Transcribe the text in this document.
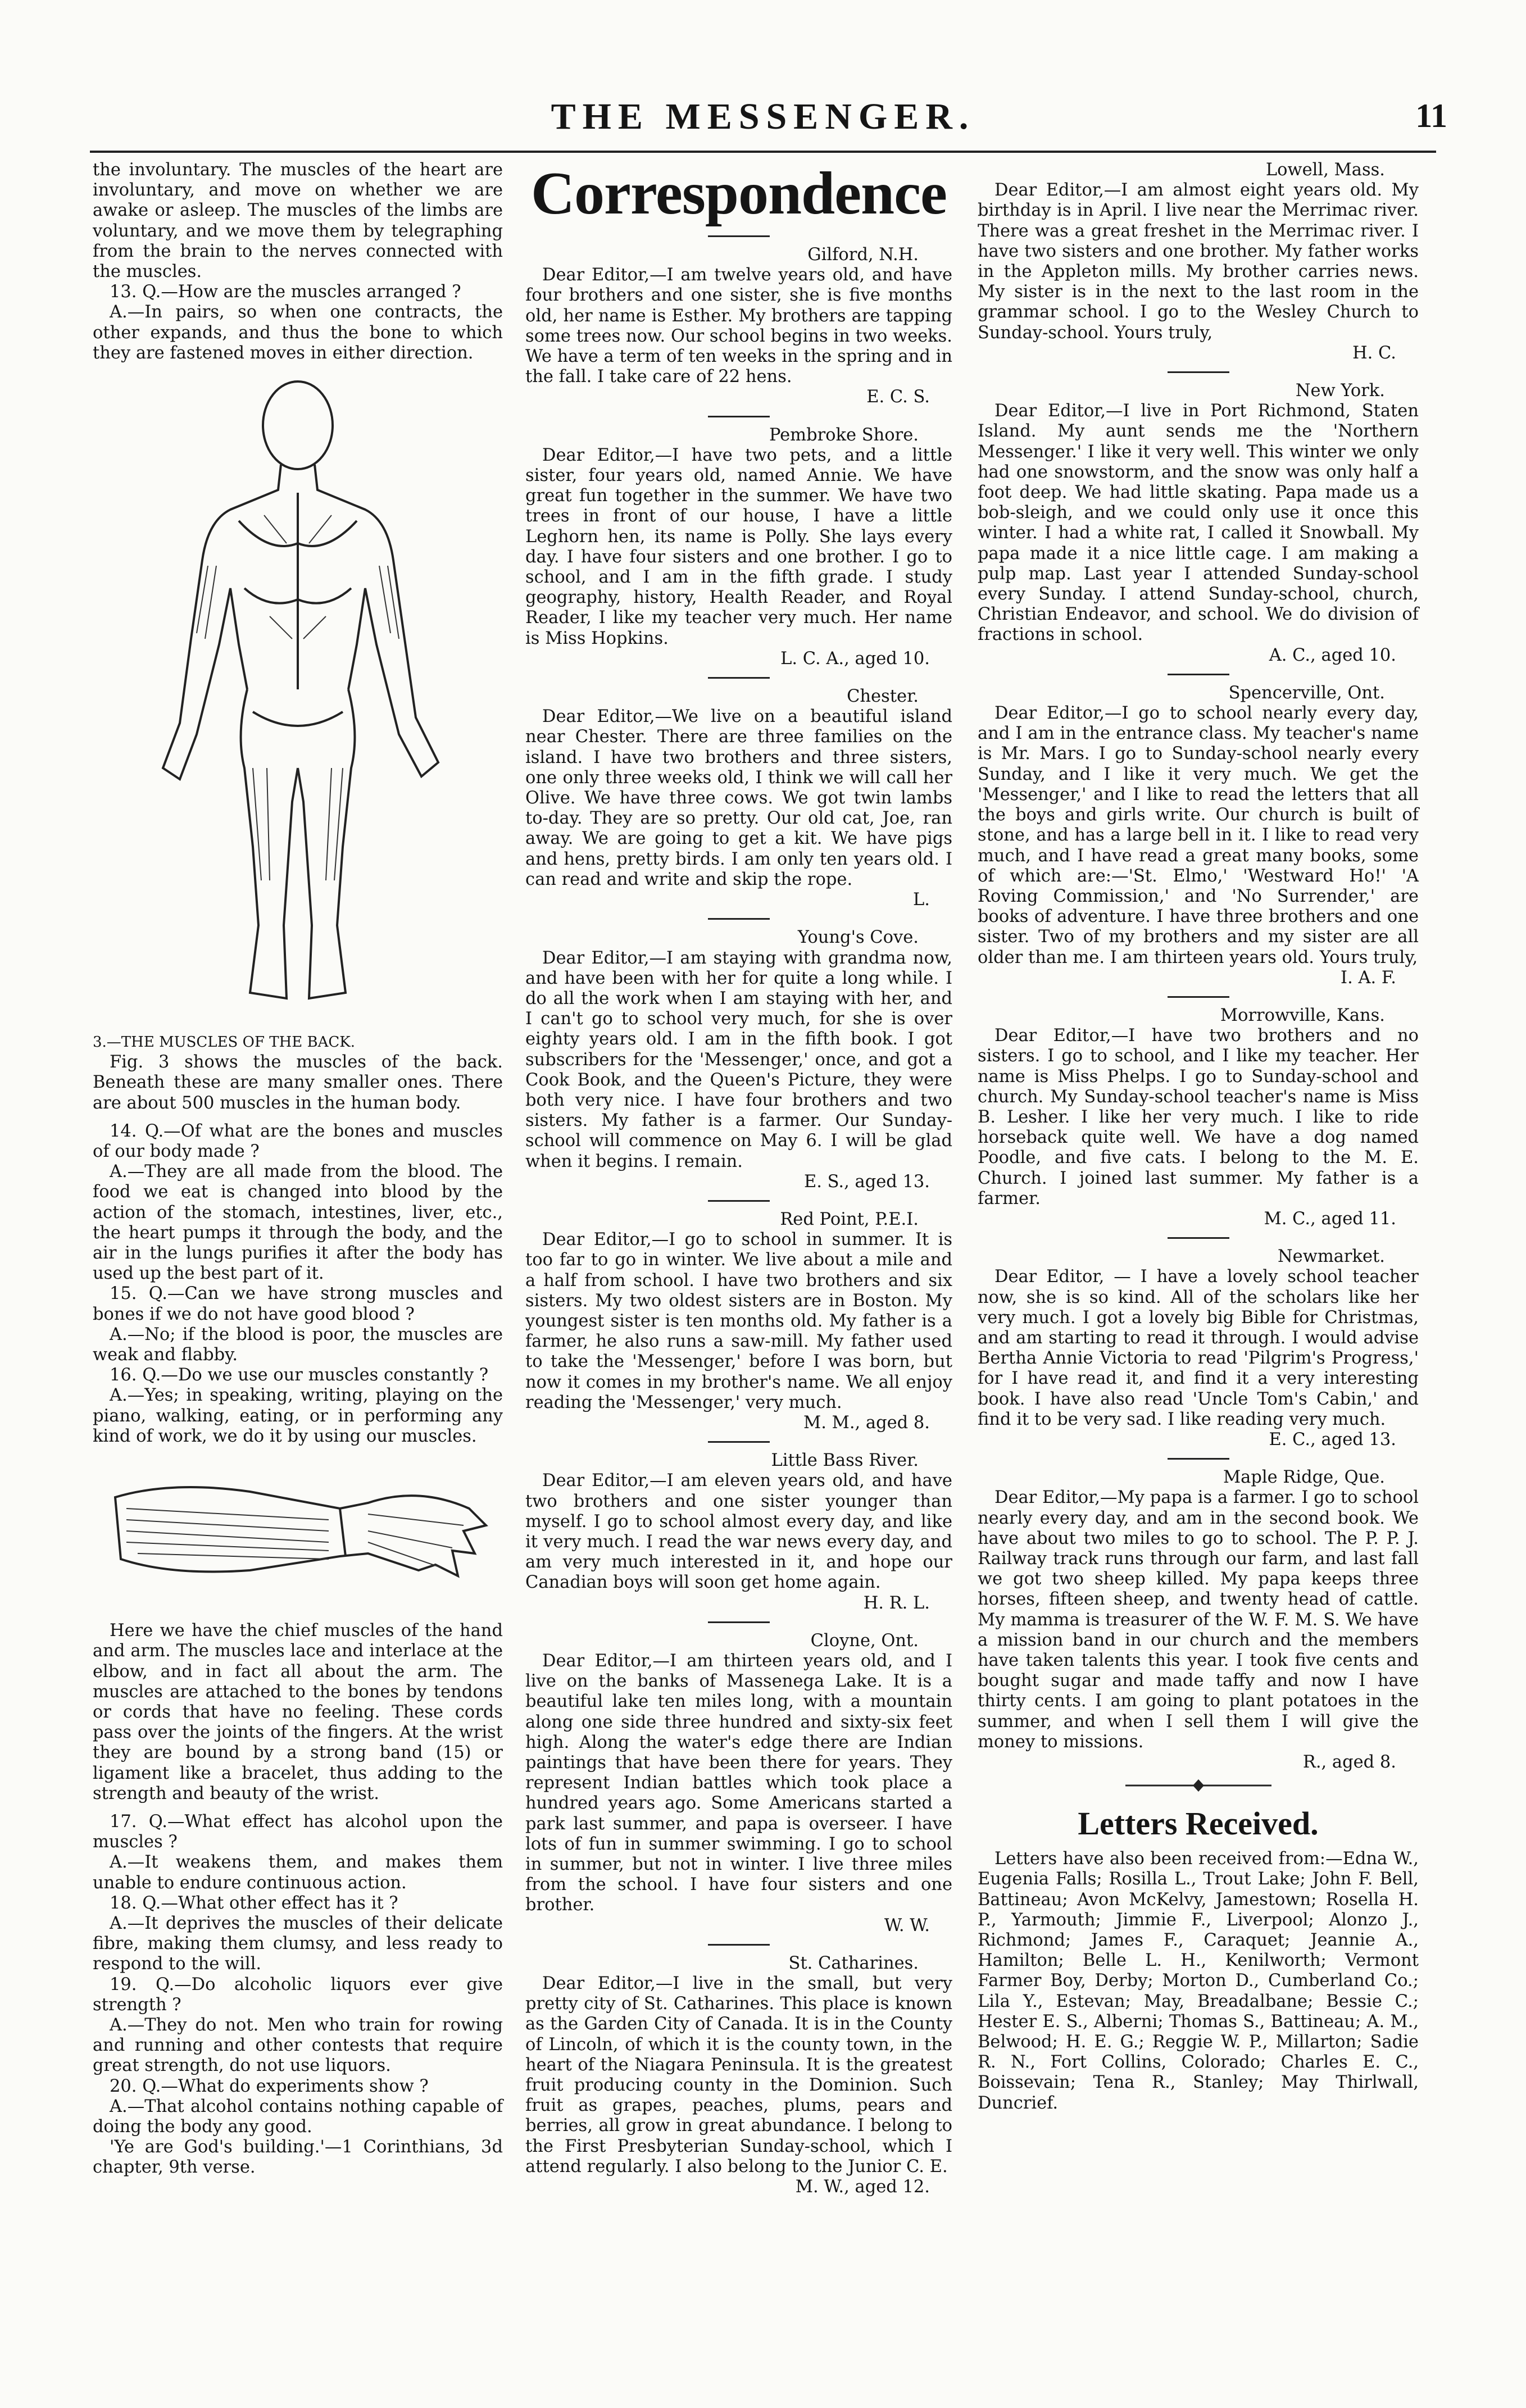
THE MESSENGER.	11

the involuntary. The muscles of the heart are involuntary, and move on whether we are awake or asleep. The muscles of the limbs are voluntary, and we move them by telegraphing from the brain to the nerves connected with the muscles.

13. Q.—How are the muscles arranged ?

A.—In pairs, so when one contracts, the other expands, and thus the bone to which they are fastened moves in either direction.

3.—THE MUSCLES OF THE BACK.

Fig. 3 shows the muscles of the back. Beneath these are many smaller ones. There are about 500 muscles in the human body.

14. Q.—Of what are the bones and muscles of our body made ?

A.—They are all made from the blood. The food we eat is changed into blood by the action of the stomach, intestines, liver, etc., the heart pumps it through the body, and the air in the lungs purifies it after the body has used up the best part of it.

15. Q.—Can we have strong muscles and bones if we do not have good blood ?

A.—No; if the blood is poor, the muscles are weak and flabby.

16. Q.—Do we use our muscles constantly ?

A.—Yes; in speaking, writing, playing on the piano, walking, eating, or in performing any kind of work, we do it by using our muscles.

Here we have the chief muscles of the hand and arm. The muscles lace and interlace at the elbow, and in fact all about the arm. The muscles are attached to the bones by tendons or cords that have no feeling. These cords pass over the joints of the fingers. At the wrist they are bound by a strong band (15) or ligament like a bracelet, thus adding to the strength and beauty of the wrist.

17. Q.—What effect has alcohol upon the muscles ?

A.—It weakens them, and makes them unable to endure continuous action.

18. Q.—What other effect has it ?

A.—It deprives the muscles of their delicate fibre, making them clumsy, and less ready to respond to the will.

19. Q.—Do alcoholic liquors ever give strength ?

A.—They do not. Men who train for rowing and running and other contests that require great strength, do not use liquors.

20. Q.—What do experiments show ?

A.—That alcohol contains nothing capable of doing the body any good.

'Ye are God's building.'—1 Corinthians, 3d chapter, 9th verse.

Correspondence

Gilford, N.H.

Dear Editor,—I am twelve years old, and have four brothers and one sister, she is five months old, her name is Esther. My brothers are tapping some trees now. Our school begins in two weeks. We have a term of ten weeks in the spring and in the fall. I take care of 22 hens.

E. C. S.

Pembroke Shore.

Dear Editor,—I have two pets, and a little sister, four years old, named Annie. We have great fun together in the summer. We have two trees in front of our house, I have a little Leghorn hen, its name is Polly. She lays every day. I have four sisters and one brother. I go to school, and I am in the fifth grade. I study geography, history, Health Reader, and Royal Reader, I like my teacher very much. Her name is Miss Hopkins.

L. C. A., aged 10.

Chester.

Dear Editor,—We live on a beautiful island near Chester. There are three families on the island. I have two brothers and three sisters, one only three weeks old, I think we will call her Olive. We have three cows. We got twin lambs to-day. They are so pretty. Our old cat, Joe, ran away. We are going to get a kit. We have pigs and hens, pretty birds. I am only ten years old. I can read and write and skip the rope.

L.

Young's Cove.

Dear Editor,—I am staying with grandma now, and have been with her for quite a long while. I do all the work when I am staying with her, and I can't go to school very much, for she is over eighty years old. I am in the fifth book. I got subscribers for the 'Messenger,' once, and got a Cook Book, and the Queen's Picture, they were both very nice. I have four brothers and two sisters. My father is a farmer. Our Sunday-school will commence on May 6. I will be glad when it begins. I remain.

E. S., aged 13.

Red Point, P.E.I.

Dear Editor,—I go to school in summer. It is too far to go in winter. We live about a mile and a half from school. I have two brothers and six sisters. My two oldest sisters are in Boston. My youngest sister is ten months old. My father is a farmer, he also runs a saw-mill. My father used to take the 'Messenger,' before I was born, but now it comes in my brother's name. We all enjoy reading the 'Messenger,' very much.

M. M., aged 8.

Little Bass River.

Dear Editor,—I am eleven years old, and have two brothers and one sister younger than myself. I go to school almost every day, and like it very much. I read the war news every day, and am very much interested in it, and hope our Canadian boys will soon get home again.

H. R. L.

Cloyne, Ont.

Dear Editor,—I am thirteen years old, and I live on the banks of Massenega Lake. It is a beautiful lake ten miles long, with a mountain along one side three hundred and sixty-six feet high. Along the water's edge there are Indian paintings that have been there for years. They represent Indian battles which took place a hundred years ago. Some Americans started a park last summer, and papa is overseer. I have lots of fun in summer swimming. I go to school in summer, but not in winter. I live three miles from the school. I have four sisters and one brother.

W. W.

St. Catharines.

Dear Editor,—I live in the small, but very pretty city of St. Catharines. This place is known as the Garden City of Canada. It is in the County of Lincoln, of which it is the county town, in the heart of the Niagara Peninsula. It is the greatest fruit producing county in the Dominion. Such fruit as grapes, peaches, plums, pears and berries, all grow in great abundance. I belong to the First Presbyterian Sunday-school, which I attend regularly. I also belong to the Junior C. E.

M. W., aged 12.

Lowell, Mass.

Dear Editor,—I am almost eight years old. My birthday is in April. I live near the Merrimac river. There was a great freshet in the Merrimac river. I have two sisters and one brother. My father works in the Appleton mills. My brother carries news. My sister is in the next to the last room in the grammar school. I go to the Wesley Church to Sunday-school. Yours truly,

H. C.

New York.

Dear Editor,—I live in Port Richmond, Staten Island. My aunt sends me the 'Northern Messenger.' I like it very well. This winter we only had one snowstorm, and the snow was only half a foot deep. We had little skating. Papa made us a bob-sleigh, and we could only use it once this winter. I had a white rat, I called it Snowball. My papa made it a nice little cage. I am making a pulp map. Last year I attended Sunday-school every Sunday. I attend Sunday-school, church, Christian Endeavor, and school. We do division of fractions in school.

A. C., aged 10.

Spencerville, Ont.

Dear Editor,—I go to school nearly every day, and I am in the entrance class. My teacher's name is Mr. Mars. I go to Sunday-school nearly every Sunday, and I like it very much. We get the 'Messenger,' and I like to read the letters that all the boys and girls write. Our church is built of stone, and has a large bell in it. I like to read very much, and I have read a great many books, some of which are:—'St. Elmo,' 'Westward Ho!' 'A Roving Commission,' and 'No Surrender,' are books of adventure. I have three brothers and one sister. Two of my brothers and my sister are all older than me. I am thirteen years old. Yours truly,

I. A. F.

Morrowville, Kans.

Dear Editor,—I have two brothers and no sisters. I go to school, and I like my teacher. Her name is Miss Phelps. I go to Sunday-school and church. My Sunday-school teacher's name is Miss B. Lesher. I like her very much. I like to ride horseback quite well. We have a dog named Poodle, and five cats. I belong to the M. E. Church. I joined last summer. My father is a farmer.

M. C., aged 11.

Newmarket.

Dear Editor, — I have a lovely school teacher now, she is so kind. All of the scholars like her very much. I got a lovely big Bible for Christmas, and am starting to read it through. I would advise Bertha Annie Victoria to read 'Pilgrim's Progress,' for I have read it, and find it a very interesting book. I have also read 'Uncle Tom's Cabin,' and find it to be very sad. I like reading very much.

E. C., aged 13.

Maple Ridge, Que.

Dear Editor,—My papa is a farmer. I go to school nearly every day, and am in the second book. We have about two miles to go to school. The P. P. J. Railway track runs through our farm, and last fall we got two sheep killed. My papa keeps three horses, fifteen sheep, and twenty head of cattle. My mamma is treasurer of the W. F. M. S. We have a mission band in our church and the members have taken talents this year. I took five cents and bought sugar and made taffy and now I have thirty cents. I am going to plant potatoes in the summer, and when I sell them I will give the money to missions.

R., aged 8.

Letters Received.

Letters have also been received from:—Edna W., Eugenia Falls; Rosilla L., Trout Lake; John F. Bell, Battineau; Avon McKelvy, Jamestown; Rosella H. P., Yarmouth; Jimmie F., Liverpool; Alonzo J., Richmond; James F., Caraquet; Jeannie A., Hamilton; Belle L. H., Kenilworth; Vermont Farmer Boy, Derby; Morton D., Cumberland Co.; Lila Y., Estevan; May, Breadalbane; Bessie C.; Hester E. S., Alberni; Thomas S., Battineau; A. M., Belwood; H. E. G.; Reggie W. P., Millarton; Sadie R. N., Fort Collins, Colorado; Charles E. C., Boissevain; Tena R., Stanley; May Thirlwall, Duncrief.
